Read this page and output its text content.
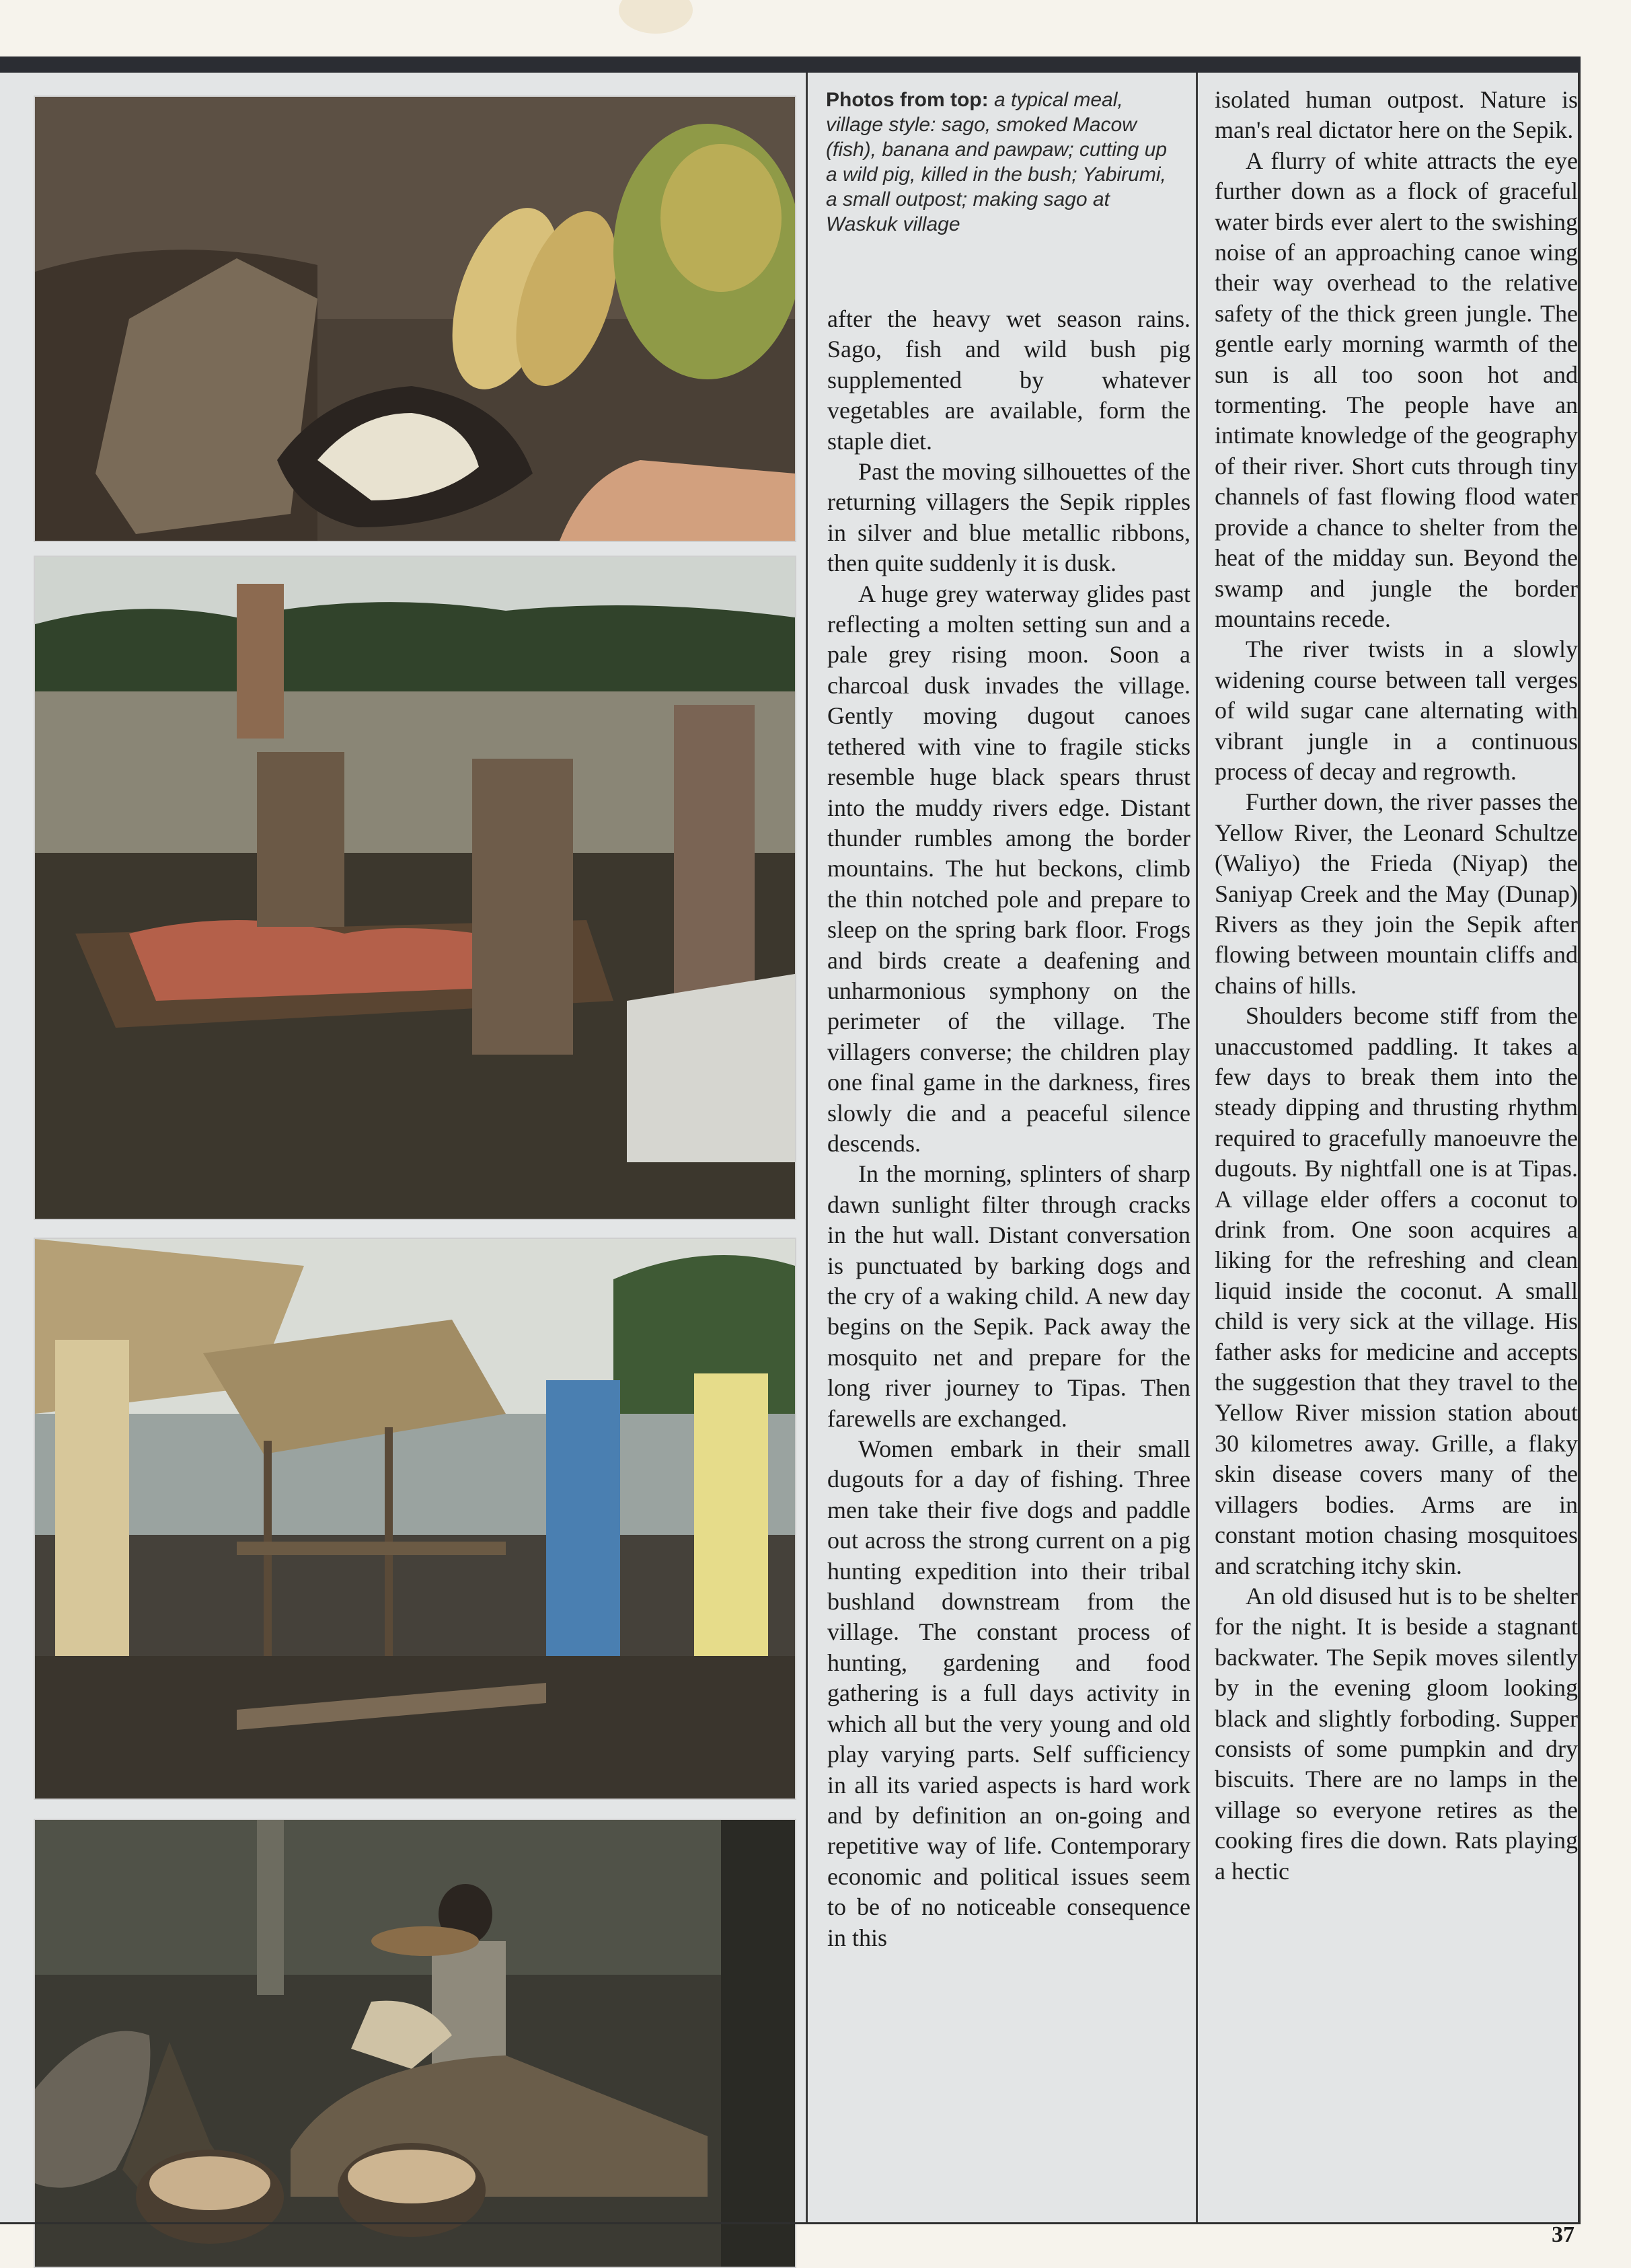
Photos from top: a typical meal, village style: sago, smoked Macow (fish), banana and pawpaw; cutting up a wild pig, killed in the bush; Yabirumi, a small outpost; making sago at Waskuk village

after the heavy wet season rains. Sago, fish and wild bush pig supplemented by whatever vegetables are available, form the staple diet.

Past the moving silhouettes of the returning villagers the Sepik ripples in silver and blue metallic ribbons, then quite suddenly it is dusk.

A huge grey waterway glides past reflecting a molten setting sun and a pale grey rising moon. Soon a charcoal dusk invades the village. Gently moving dugout canoes tethered with vine to fragile sticks resemble huge black spears thrust into the muddy rivers edge. Distant thunder rumbles among the border mountains. The hut beckons, climb the thin notched pole and prepare to sleep on the spring bark floor. Frogs and birds create a deafening and unharmonious symphony on the perimeter of the village. The villagers converse; the children play one final game in the darkness, fires slowly die and a peaceful silence descends.

In the morning, splinters of sharp dawn sunlight filter through cracks in the hut wall. Distant conversation is punctuated by barking dogs and the cry of a waking child. A new day begins on the Sepik. Pack away the mosquito net and prepare for the long river journey to Tipas. Then farewells are exchanged.

Women embark in their small dugouts for a day of fishing. Three men take their five dogs and paddle out across the strong current on a pig hunting expedition into their tribal bushland downstream from the village. The constant process of hunting, gardening and food gathering is a full days activity in which all but the very young and old play varying parts. Self sufficiency in all its varied aspects is hard work and by definition an on-going and repetitive way of life. Contemporary economic and political issues seem to be of no noticeable consequence in this

isolated human outpost. Nature is man's real dictator here on the Sepik.

A flurry of white attracts the eye further down as a flock of graceful water birds ever alert to the swishing noise of an approaching canoe wing their way overhead to the relative safety of the thick green jungle. The gentle early morning warmth of the sun is all too soon hot and tormenting. The people have an intimate knowledge of the geography of their river. Short cuts through tiny channels of fast flowing flood water provide a chance to shelter from the heat of the midday sun. Beyond the swamp and jungle the border mountains recede.

The river twists in a slowly widening course between tall verges of wild sugar cane alternating with vibrant jungle in a continuous process of decay and regrowth.

Further down, the river passes the Yellow River, the Leonard Schultze (Waliyo) the Frieda (Niyap) the Saniyap Creek and the May (Dunap) Rivers as they join the Sepik after flowing between mountain cliffs and chains of hills.

Shoulders become stiff from the unaccustomed paddling. It takes a few days to break them into the steady dipping and thrusting rhythm required to gracefully manoeuvre the dugouts. By nightfall one is at Tipas. A village elder offers a coconut to drink from. One soon acquires a liking for the refreshing and clean liquid inside the coconut. A small child is very sick at the village. His father asks for medicine and accepts the suggestion that they travel to the Yellow River mission station about 30 kilometres away. Grille, a flaky skin disease covers many of the villagers bodies. Arms are in constant motion chasing mosquitoes and scratching itchy skin.

An old disused hut is to be shelter for the night. It is beside a stagnant backwater. The Sepik moves silently by in the evening gloom looking black and slightly forboding. Supper consists of some pumpkin and dry biscuits. There are no lamps in the village so everyone retires as the cooking fires die down. Rats playing a hectic

37
